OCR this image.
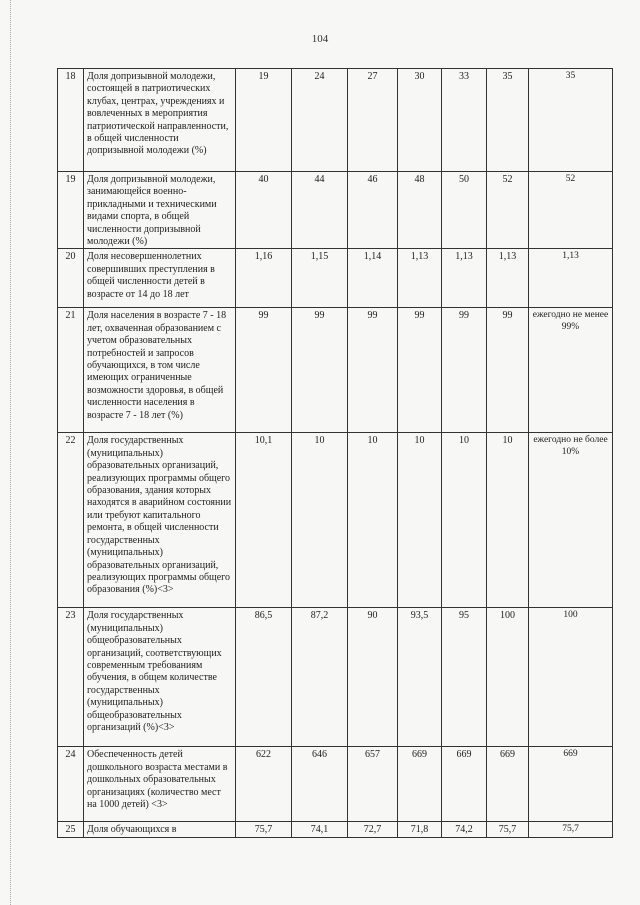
104
18	Доля допризывной молодежи, состоящей в патриотических клубах, центрах, учреждениях и вовлеченных в мероприятия патриотической направленности, в общей численности допризывной молодежи (%)	19	24	27	30	33	35	35
19	Доля допризывной молодежи, занимающейся военно-прикладными и техническими видами спорта, в общей численности допризывной молодежи (%)	40	44	46	48	50	52	52
20	Доля несовершеннолетних совершивших преступления в общей численности детей в возрасте от 14 до 18 лет	1,16	1,15	1,14	1,13	1,13	1,13	1,13
21	Доля населения в возрасте 7 - 18 лет, охваченная образованием с учетом образовательных потребностей и запросов обучающихся, в том числе имеющих ограниченные возможности здоровья, в общей численности населения в возрасте 7 - 18 лет (%)	99	99	99	99	99	99	ежегодно не менее 99%
22	Доля государственных (муниципальных) образовательных организаций, реализующих программы общего образования, здания которых находятся в аварийном состоянии или требуют капитального ремонта, в общей численности государственных (муниципальных) образовательных организаций, реализующих программы общего образования (%)<3>	10,1	10	10	10	10	10	ежегодно не более 10%
23	Доля государственных (муниципальных) общеобразовательных организаций, соответствующих современным требованиям обучения, в общем количестве государственных (муниципальных) общеобразовательных организаций (%)<3>	86,5	87,2	90	93,5	95	100	100
24	Обеспеченность детей дошкольного возраста местами в дошкольных образовательных организациях (количество мест на 1000 детей) <3>	622	646	657	669	669	669	669
25	Доля обучающихся в	75,7	74,1	72,7	71,8	74,2	75,7	75,7
